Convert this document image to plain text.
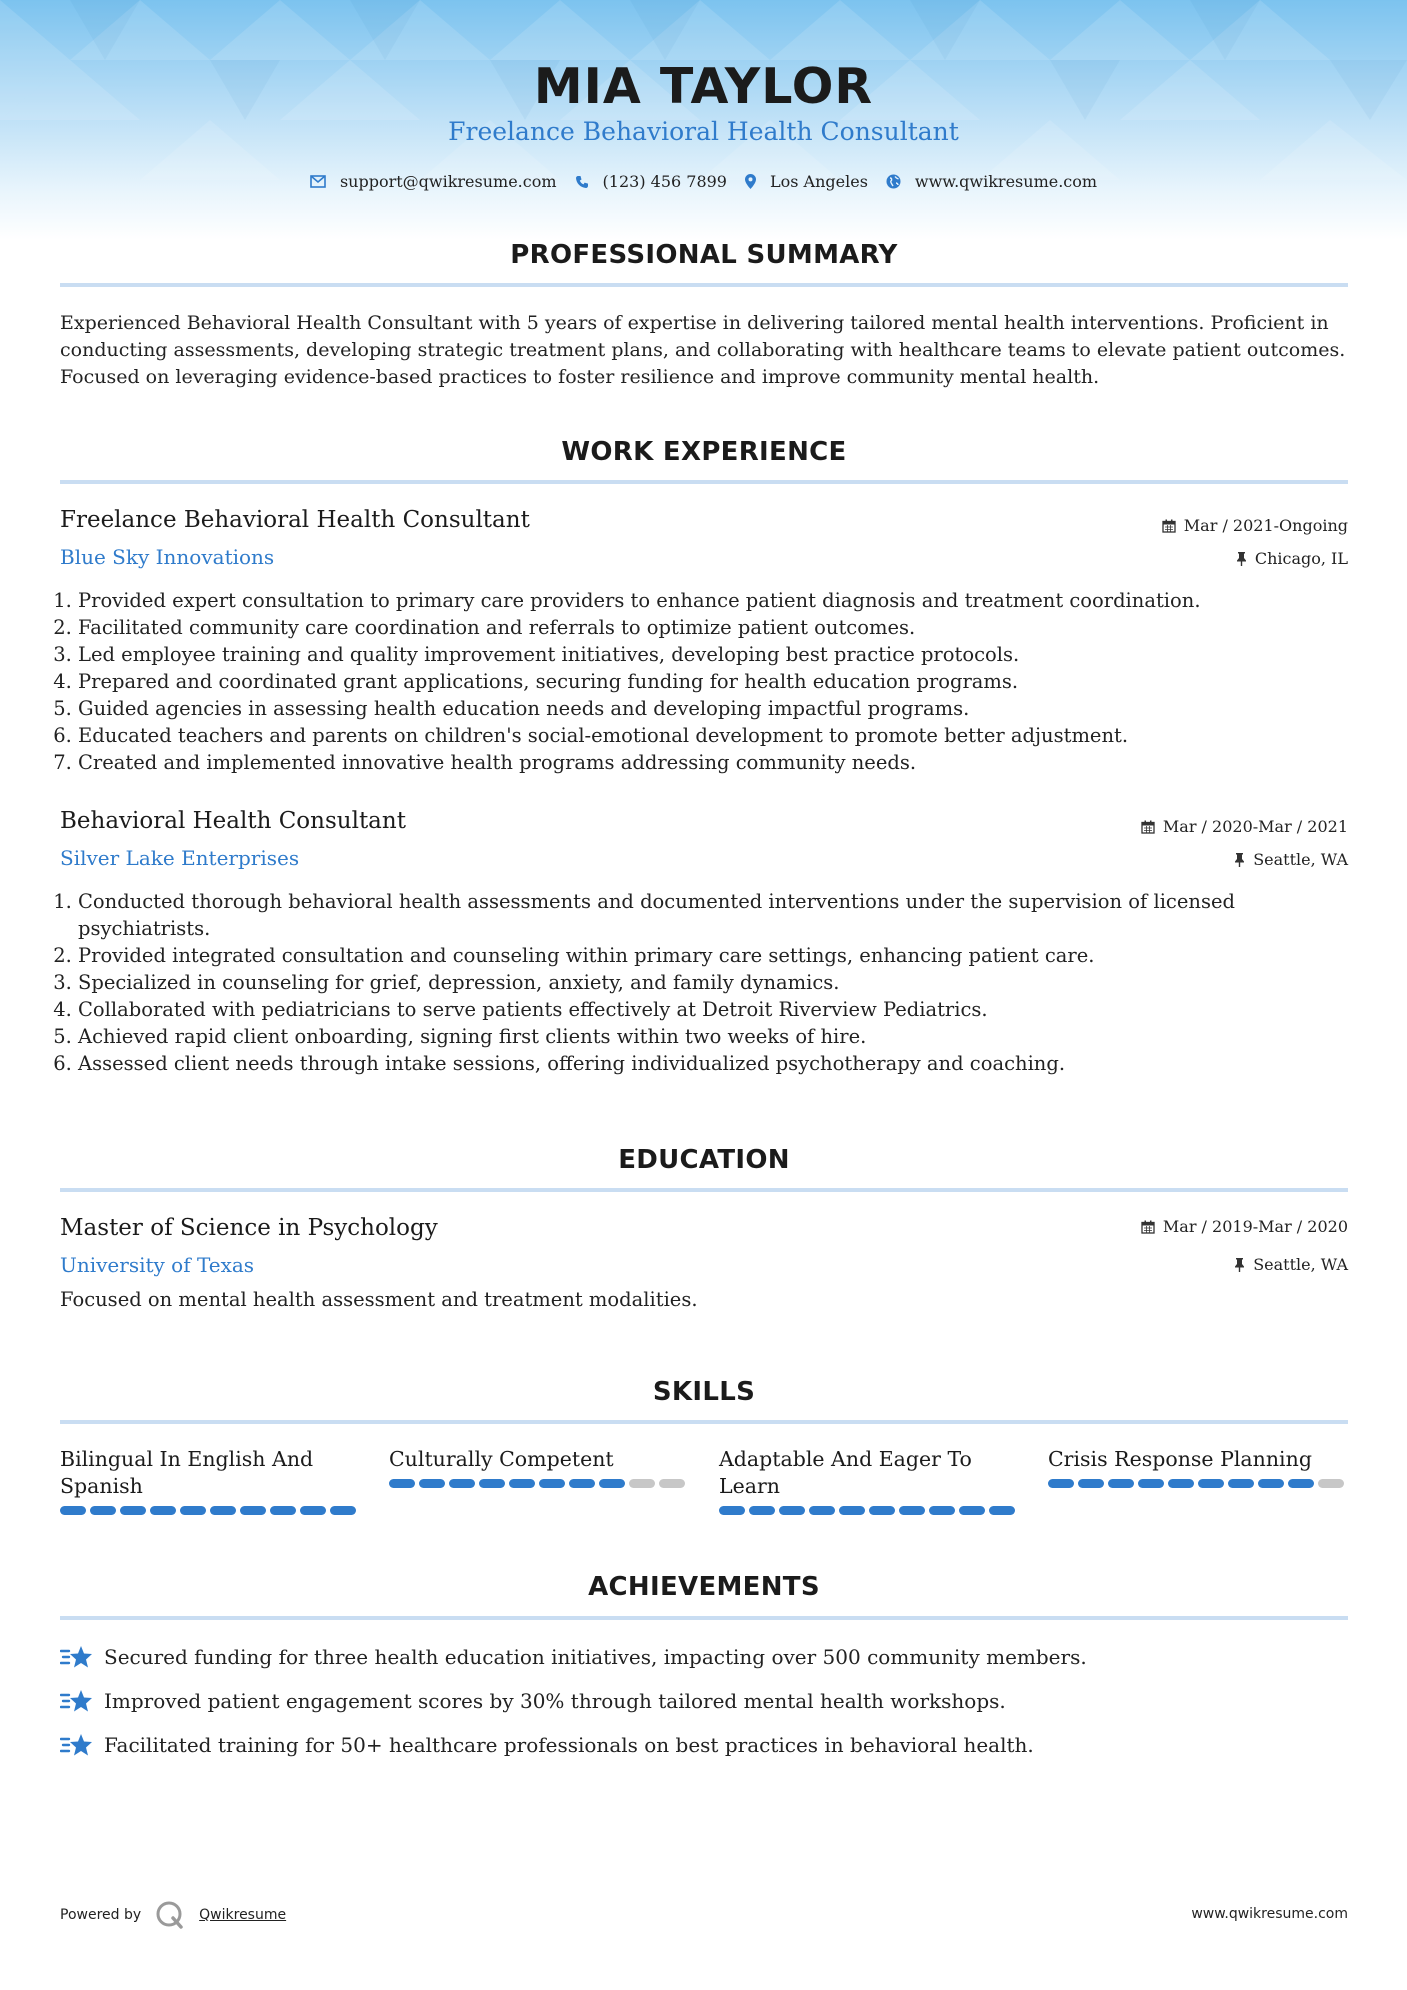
MIA TAYLOR
Freelance Behavioral Health Consultant
support@qwikresume.com	(123) 456 7899	Los Angeles	www.qwikresume.com
PROFESSIONAL SUMMARY
Experienced Behavioral Health Consultant with 5 years of expertise in delivering tailored mental health interventions. Proficient in conducting assessments, developing strategic treatment plans, and collaborating with healthcare teams to elevate patient outcomes. Focused on leveraging evidence-based practices to foster resilience and improve community mental health.
WORK EXPERIENCE
Freelance Behavioral Health Consultant	Mar / 2021-Ongoing
Blue Sky Innovations	Chicago, IL
1. Provided expert consultation to primary care providers to enhance patient diagnosis and treatment coordination.
2. Facilitated community care coordination and referrals to optimize patient outcomes.
3. Led employee training and quality improvement initiatives, developing best practice protocols.
4. Prepared and coordinated grant applications, securing funding for health education programs.
5. Guided agencies in assessing health education needs and developing impactful programs.
6. Educated teachers and parents on children's social-emotional development to promote better adjustment.
7. Created and implemented innovative health programs addressing community needs.
Behavioral Health Consultant	Mar / 2020-Mar / 2021
Silver Lake Enterprises	Seattle, WA
1. Conducted thorough behavioral health assessments and documented interventions under the supervision of licensed psychiatrists.
2. Provided integrated consultation and counseling within primary care settings, enhancing patient care.
3. Specialized in counseling for grief, depression, anxiety, and family dynamics.
4. Collaborated with pediatricians to serve patients effectively at Detroit Riverview Pediatrics.
5. Achieved rapid client onboarding, signing first clients within two weeks of hire.
6. Assessed client needs through intake sessions, offering individualized psychotherapy and coaching.
EDUCATION
Master of Science in Psychology	Mar / 2019-Mar / 2020
University of Texas	Seattle, WA
Focused on mental health assessment and treatment modalities.
SKILLS
Bilingual In English And Spanish
Culturally Competent	Adaptable And Eager To Learn
Crisis Response Planning
ACHIEVEMENTS
Secured funding for three health education initiatives, impacting over 500 community members.
Improved patient engagement scores by 30% through tailored mental health workshops.
Facilitated training for 50+ healthcare professionals on best practices in behavioral health.
Powered by	Qwikresume	www.qwikresume.com
